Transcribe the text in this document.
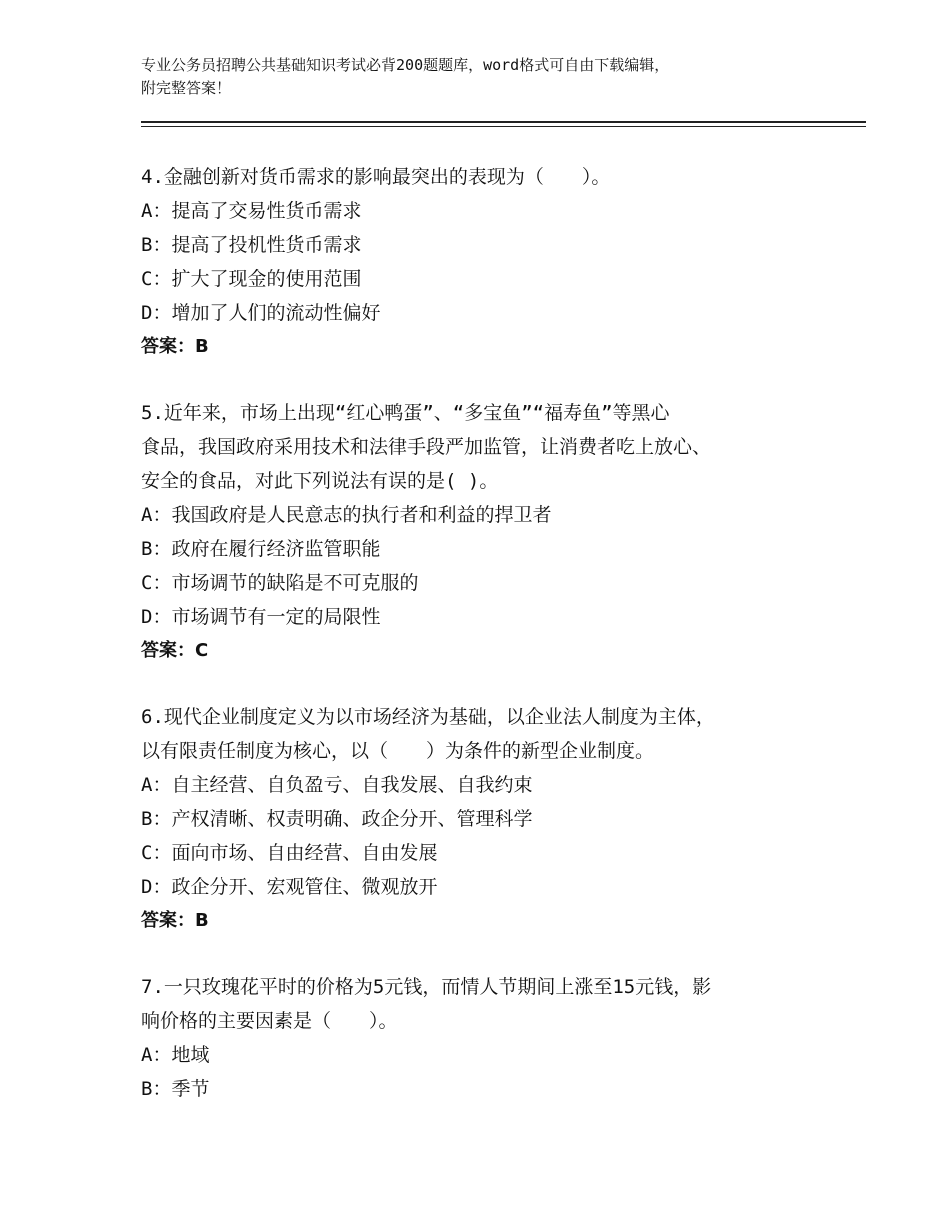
专业公务员招聘公共基础知识考试必背200题题库，word格式可自由下载编辑，
附完整答案！
4.金融创新对货币需求的影响最突出的表现为（　　）。
A：提高了交易性货币需求
B：提高了投机性货币需求
C：扩大了现金的使用范围
D：增加了人们的流动性偏好
答案：B
5.近年来，市场上出现“红心鸭蛋”、“多宝鱼”“福寿鱼”等黑心
食品，我国政府采用技术和法律手段严加监管，让消费者吃上放心、
安全的食品，对此下列说法有误的是( )。
A：我国政府是人民意志的执行者和利益的捍卫者
B：政府在履行经济监管职能
C：市场调节的缺陷是不可克服的
D：市场调节有一定的局限性
答案：C
6.现代企业制度定义为以市场经济为基础，以企业法人制度为主体，
以有限责任制度为核心，以（　　）为条件的新型企业制度。
A：自主经营、自负盈亏、自我发展、自我约束
B：产权清晰、权责明确、政企分开、管理科学
C：面向市场、自由经营、自由发展
D：政企分开、宏观管住、微观放开
答案：B
7.一只玫瑰花平时的价格为5元钱，而情人节期间上涨至15元钱，影
响价格的主要因素是（　　）。
A：地域
B：季节
